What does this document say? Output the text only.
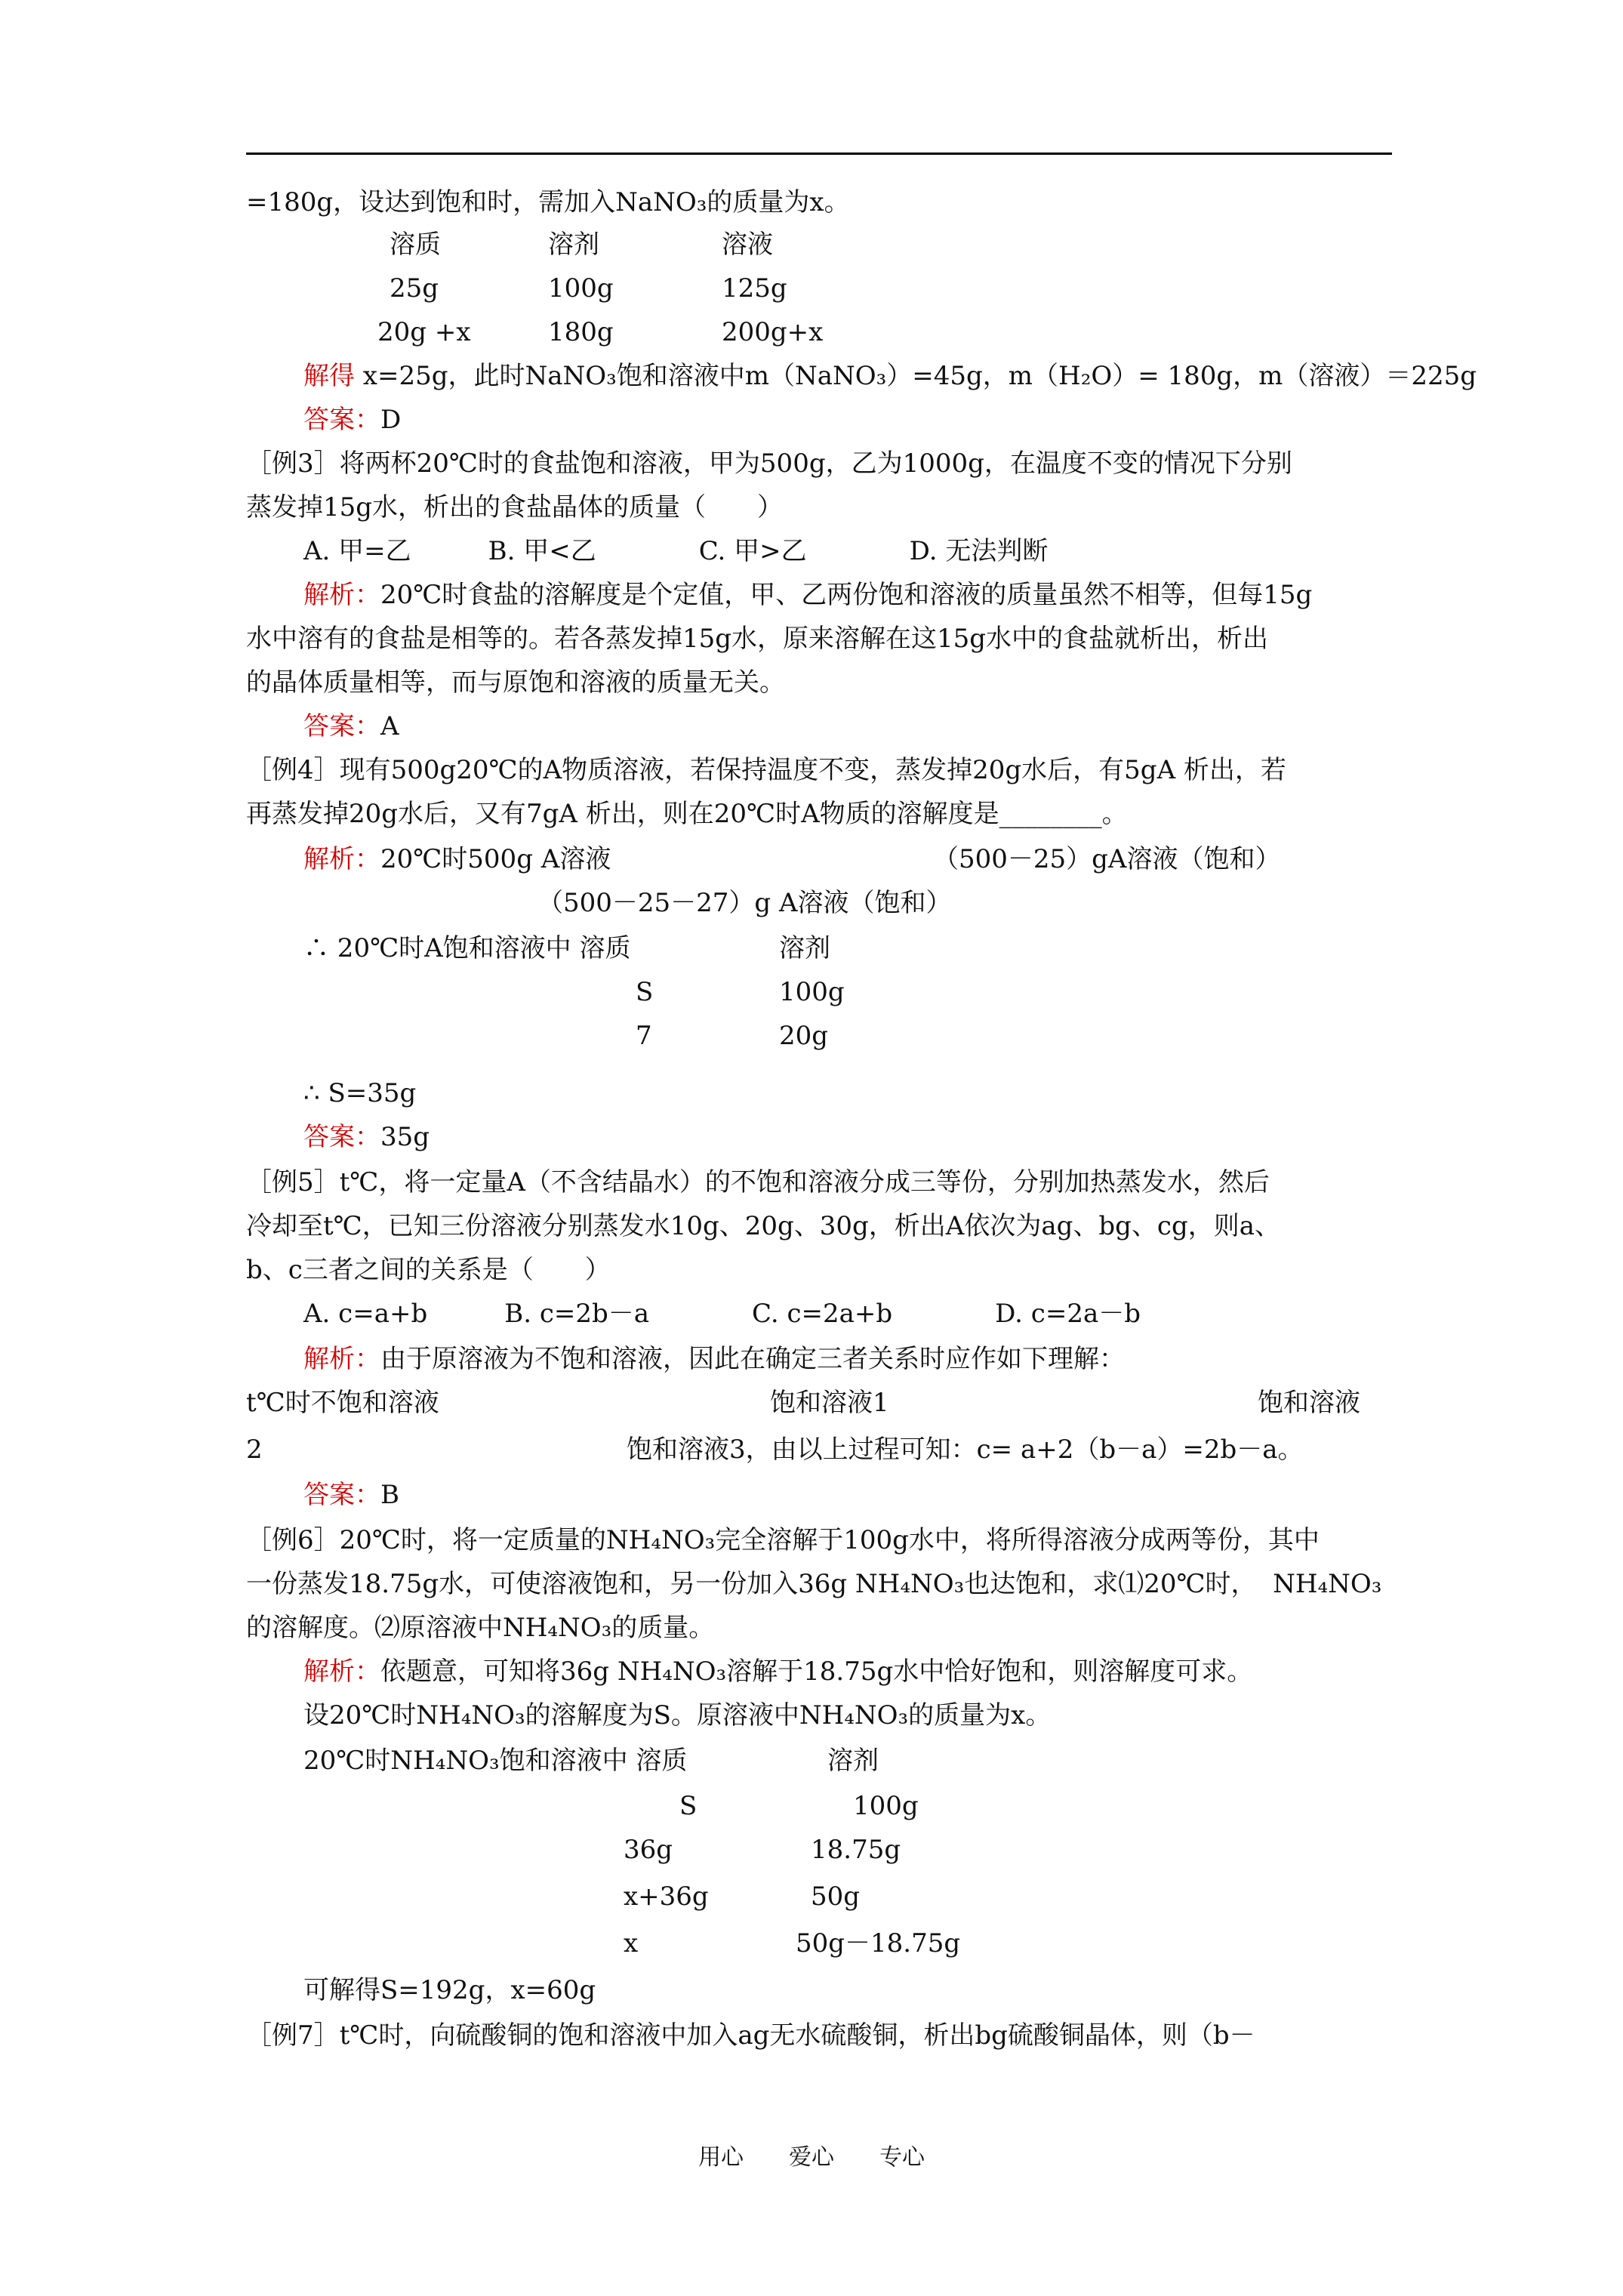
=180g，设达到饱和时，需加入NaNO₃的质量为x。
溶质	溶剂	溶液
25g	100g	125g
20g +x	180g	200g+x
解得 x=25g，此时NaNO₃饱和溶液中m（NaNO₃）=45g，m（H₂O）= 180g，m（溶液）＝225g
答案：D
［例3］将两杯20℃时的食盐饱和溶液，甲为500g，乙为1000g，在温度不变的情况下分别
蒸发掉15g水，析出的食盐晶体的质量（　　）
A. 甲=乙　　　B. 甲<乙　　　　C. 甲>乙　　　　D. 无法判断
解析：20℃时食盐的溶解度是个定值，甲、乙两份饱和溶液的质量虽然不相等，但每15g
水中溶有的食盐是相等的。若各蒸发掉15g水，原来溶解在这15g水中的食盐就析出，析出
的晶体质量相等，而与原饱和溶液的质量无关。
答案：A
［例4］现有500g20℃的A物质溶液，若保持温度不变，蒸发掉20g水后，有5gA 析出，若
再蒸发掉20g水后，又有7gA 析出，则在20℃时A物质的溶解度是________。
解析：20℃时500g A溶液	（500－25）gA溶液（饱和）
（500－25－27）g A溶液（饱和）
∴ 20℃时A饱和溶液中 溶质	溶剂
S	100g
7	20g
∴ S=35g
答案：35g
［例5］t℃，将一定量A（不含结晶水）的不饱和溶液分成三等份，分别加热蒸发水，然后
冷却至t℃，已知三份溶液分别蒸发水10g、20g、30g，析出A依次为ag、bg、cg，则a、
b、c三者之间的关系是（　　）
A. c=a+b　　　B. c=2b－a　　　　C. c=2a+b　　　　D. c=2a－b
解析：由于原溶液为不饱和溶液，因此在确定三者关系时应作如下理解：
t℃时不饱和溶液	饱和溶液1	饱和溶液
2	饱和溶液3，由以上过程可知：c= a+2（b－a）=2b－a。
答案：B
［例6］20℃时，将一定质量的NH₄NO₃完全溶解于100g水中，将所得溶液分成两等份，其中
一份蒸发18.75g水，可使溶液饱和，另一份加入36g NH₄NO₃也达饱和，求⑴20℃时，  NH₄NO₃
的溶解度。⑵原溶液中NH₄NO₃的质量。
解析：依题意，可知将36g NH₄NO₃溶解于18.75g水中恰好饱和，则溶解度可求。
设20℃时NH₄NO₃的溶解度为S。原溶液中NH₄NO₃的质量为x。
20℃时NH₄NO₃饱和溶液中 溶质	溶剂
S	100g
36g	18.75g
x+36g	50g
x	50g－18.75g
可解得S=192g，x=60g
［例7］t℃时，向硫酸铜的饱和溶液中加入ag无水硫酸铜，析出bg硫酸铜晶体，则（b－
用心　　爱心　　专心
